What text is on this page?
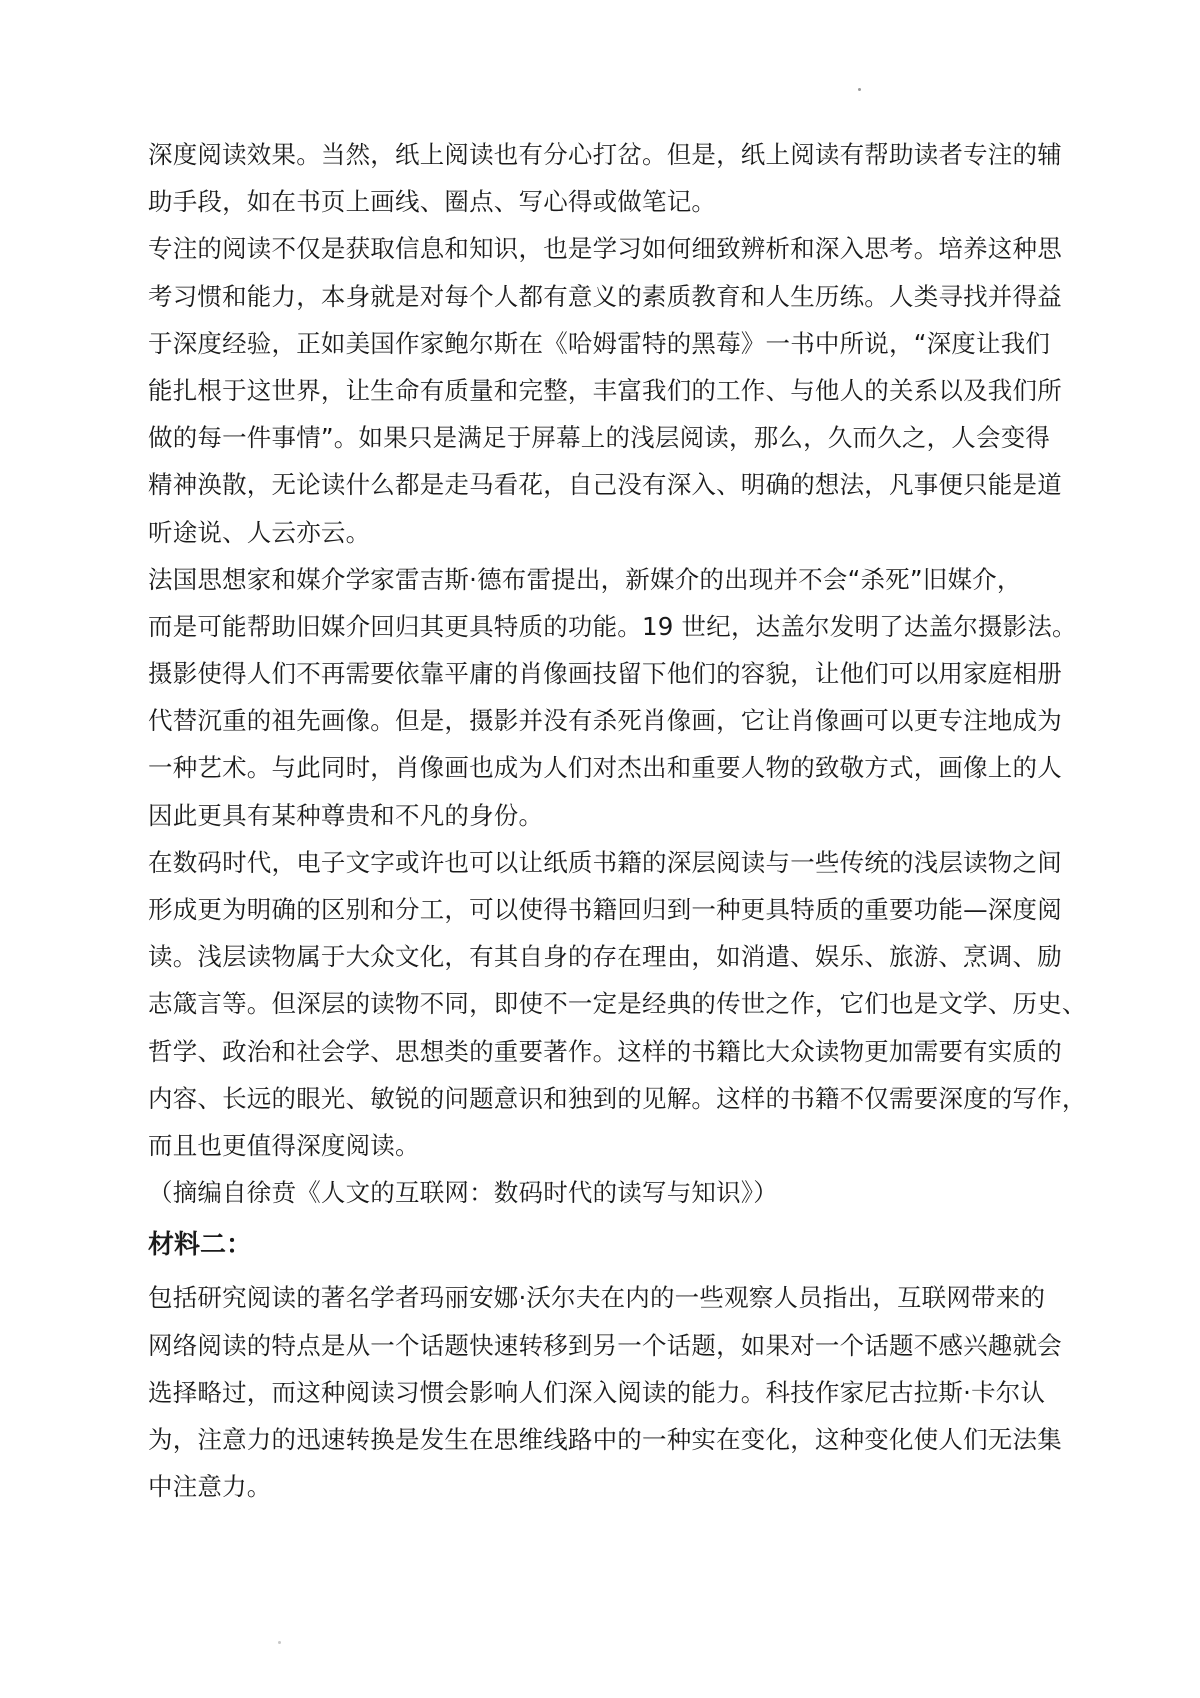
深度阅读效果。当然，纸上阅读也有分心打岔。但是，纸上阅读有帮助读者专注的辅
助手段，如在书页上画线、圈点、写心得或做笔记。
专注的阅读不仅是获取信息和知识，也是学习如何细致辨析和深入思考。培养这种思
考习惯和能力，本身就是对每个人都有意义的素质教育和人生历练。人类寻找并得益
于深度经验，正如美国作家鲍尔斯在《哈姆雷特的黑莓》一书中所说，“深度让我们
能扎根于这世界，让生命有质量和完整，丰富我们的工作、与他人的关系以及我们所
做的每一件事情”。如果只是满足于屏幕上的浅层阅读，那么，久而久之，人会变得
精神涣散，无论读什么都是走马看花，自己没有深入、明确的想法，凡事便只能是道
听途说、人云亦云。
法国思想家和媒介学家雷吉斯·德布雷提出，新媒介的出现并不会“杀死”旧媒介，
而是可能帮助旧媒介回归其更具特质的功能。19 世纪，达盖尔发明了达盖尔摄影法。
摄影使得人们不再需要依靠平庸的肖像画技留下他们的容貌，让他们可以用家庭相册
代替沉重的祖先画像。但是，摄影并没有杀死肖像画，它让肖像画可以更专注地成为
一种艺术。与此同时，肖像画也成为人们对杰出和重要人物的致敬方式，画像上的人
因此更具有某种尊贵和不凡的身份。
在数码时代，电子文字或许也可以让纸质书籍的深层阅读与一些传统的浅层读物之间
形成更为明确的区别和分工，可以使得书籍回归到一种更具特质的重要功能—深度阅
读。浅层读物属于大众文化，有其自身的存在理由，如消遣、娱乐、旅游、烹调、励
志箴言等。但深层的读物不同，即使不一定是经典的传世之作，它们也是文学、历史、
哲学、政治和社会学、思想类的重要著作。这样的书籍比大众读物更加需要有实质的
内容、长远的眼光、敏锐的问题意识和独到的见解。这样的书籍不仅需要深度的写作，
而且也更值得深度阅读。
（摘编自徐贲《人文的互联网：数码时代的读写与知识》）
材料二：
包括研究阅读的著名学者玛丽安娜·沃尔夫在内的一些观察人员指出，互联网带来的
网络阅读的特点是从一个话题快速转移到另一个话题，如果对一个话题不感兴趣就会
选择略过，而这种阅读习惯会影响人们深入阅读的能力。科技作家尼古拉斯·卡尔认
为，注意力的迅速转换是发生在思维线路中的一种实在变化，这种变化使人们无法集
中注意力。
